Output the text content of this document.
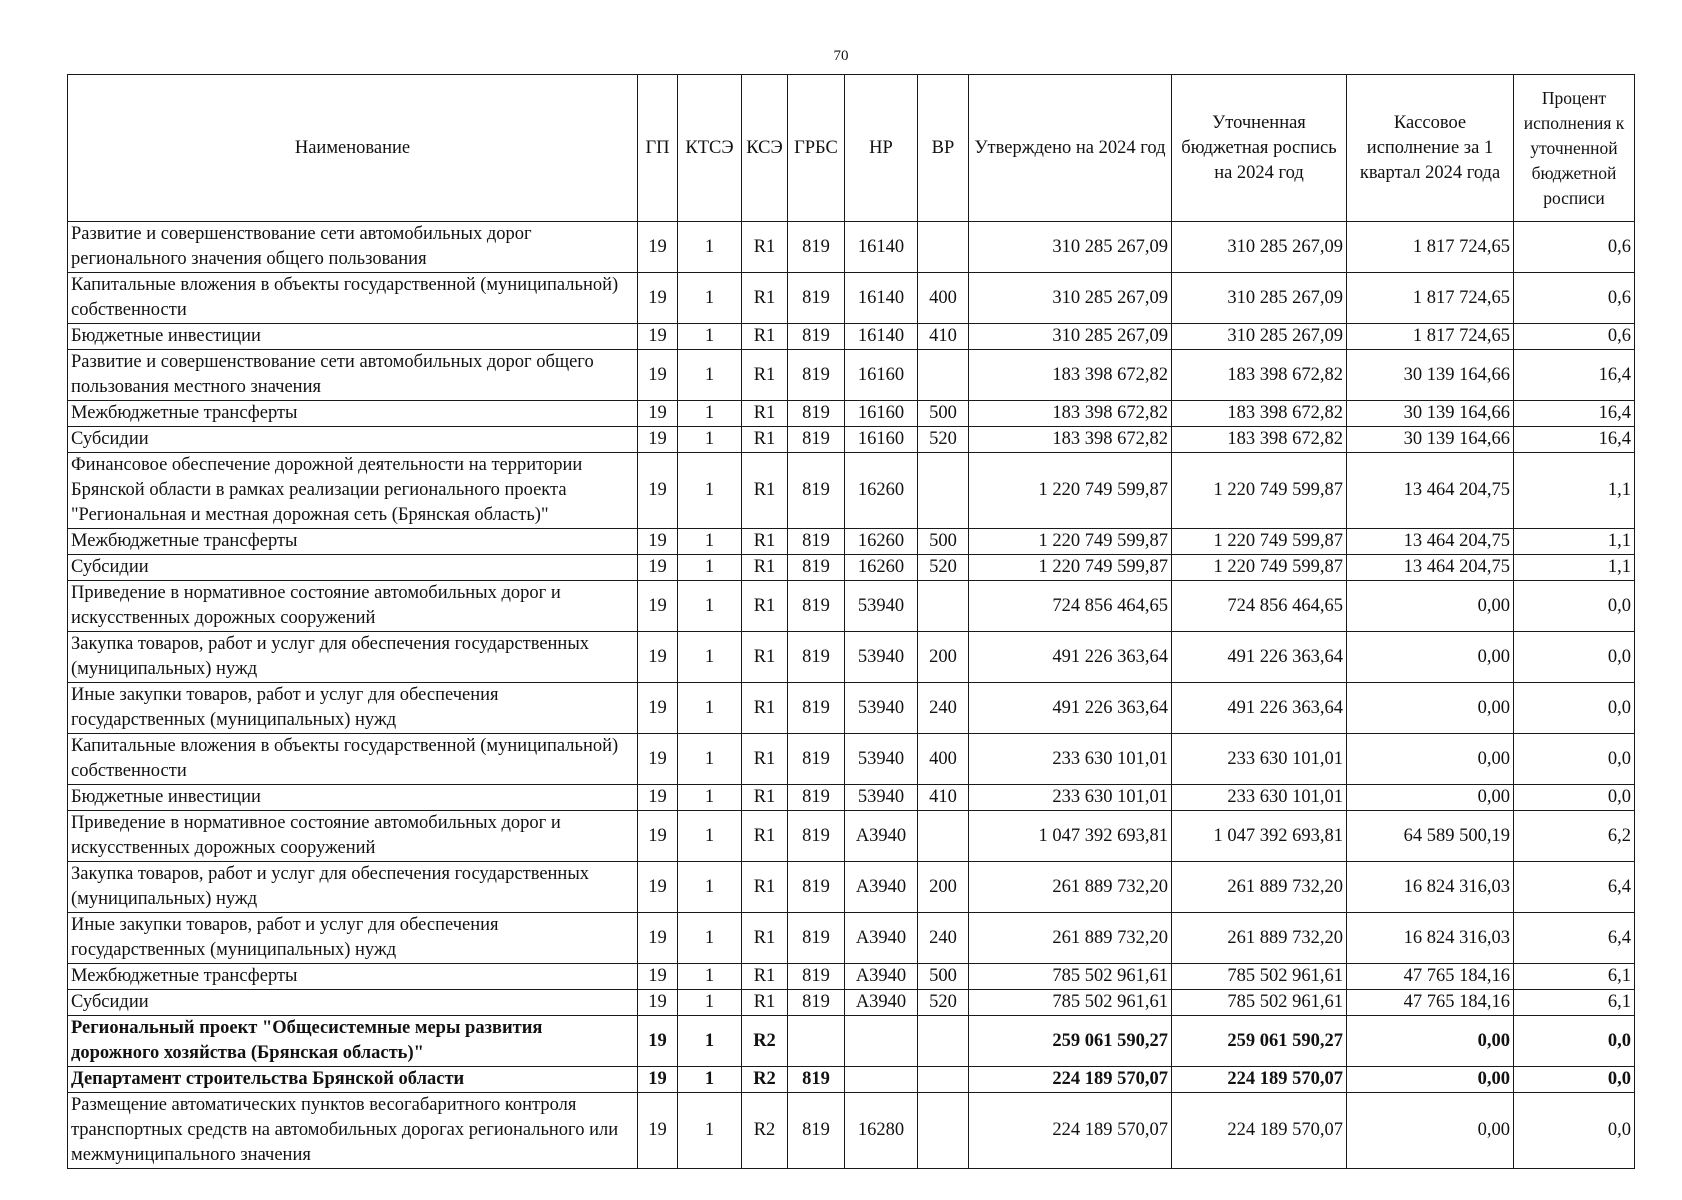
70
Наименование	ГП	КТСЭ	КСЭ	ГРБС	НР	ВР	Утверждено на 2024 год	Уточненная бюджетная роспись на 2024 год	Кассовое исполнение за 1 квартал 2024 года	Процент исполнения к уточненной бюджетной росписи
Развитие и совершенствование сети автомобильных дорог регионального значения общего пользования	19	1	R1	819	16140		310 285 267,09	310 285 267,09	1 817 724,65	0,6
Капитальные вложения в объекты государственной (муниципальной) собственности	19	1	R1	819	16140	400	310 285 267,09	310 285 267,09	1 817 724,65	0,6
Бюджетные инвестиции	19	1	R1	819	16140	410	310 285 267,09	310 285 267,09	1 817 724,65	0,6
Развитие и совершенствование сети автомобильных дорог общего пользования местного значения	19	1	R1	819	16160		183 398 672,82	183 398 672,82	30 139 164,66	16,4
Межбюджетные трансферты	19	1	R1	819	16160	500	183 398 672,82	183 398 672,82	30 139 164,66	16,4
Субсидии	19	1	R1	819	16160	520	183 398 672,82	183 398 672,82	30 139 164,66	16,4
Финансовое обеспечение дорожной деятельности на территории Брянской области в рамках реализации регионального проекта "Региональная и местная дорожная сеть (Брянская область)"	19	1	R1	819	16260		1 220 749 599,87	1 220 749 599,87	13 464 204,75	1,1
Межбюджетные трансферты	19	1	R1	819	16260	500	1 220 749 599,87	1 220 749 599,87	13 464 204,75	1,1
Субсидии	19	1	R1	819	16260	520	1 220 749 599,87	1 220 749 599,87	13 464 204,75	1,1
Приведение в нормативное состояние автомобильных дорог и искусственных дорожных сооружений	19	1	R1	819	53940		724 856 464,65	724 856 464,65	0,00	0,0
Закупка товаров, работ и услуг для обеспечения государственных (муниципальных) нужд	19	1	R1	819	53940	200	491 226 363,64	491 226 363,64	0,00	0,0
Иные закупки товаров, работ и услуг для обеспечения государственных (муниципальных) нужд	19	1	R1	819	53940	240	491 226 363,64	491 226 363,64	0,00	0,0
Капитальные вложения в объекты государственной (муниципальной) собственности	19	1	R1	819	53940	400	233 630 101,01	233 630 101,01	0,00	0,0
Бюджетные инвестиции	19	1	R1	819	53940	410	233 630 101,01	233 630 101,01	0,00	0,0
Приведение в нормативное состояние автомобильных дорог и искусственных дорожных сооружений	19	1	R1	819	А3940		1 047 392 693,81	1 047 392 693,81	64 589 500,19	6,2
Закупка товаров, работ и услуг для обеспечения государственных (муниципальных) нужд	19	1	R1	819	А3940	200	261 889 732,20	261 889 732,20	16 824 316,03	6,4
Иные закупки товаров, работ и услуг для обеспечения государственных (муниципальных) нужд	19	1	R1	819	А3940	240	261 889 732,20	261 889 732,20	16 824 316,03	6,4
Межбюджетные трансферты	19	1	R1	819	А3940	500	785 502 961,61	785 502 961,61	47 765 184,16	6,1
Субсидии	19	1	R1	819	А3940	520	785 502 961,61	785 502 961,61	47 765 184,16	6,1
Региональный проект "Общесистемные меры развития дорожного хозяйства (Брянская область)"	19	1	R2				259 061 590,27	259 061 590,27	0,00	0,0
Департамент строительства Брянской области	19	1	R2	819			224 189 570,07	224 189 570,07	0,00	0,0
Размещение автоматических пунктов весогабаритного контроля транспортных средств на автомобильных дорогах регионального или межмуниципального значения	19	1	R2	819	16280		224 189 570,07	224 189 570,07	0,00	0,0
